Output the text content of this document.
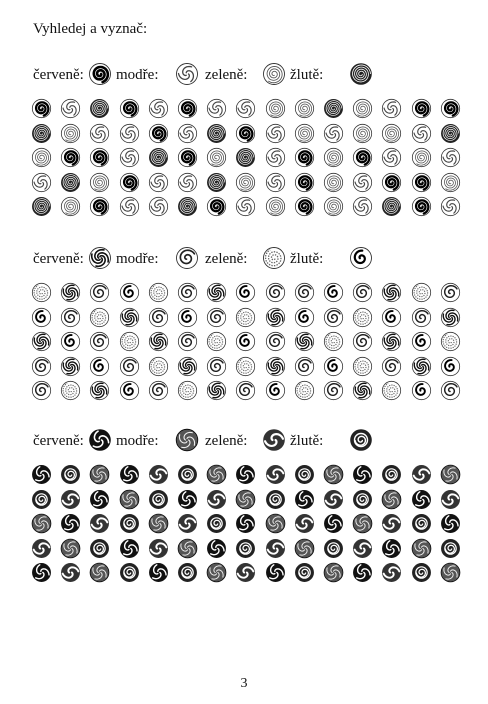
Vyhledej a vyznač:
červeně: modře:	zeleně:	žlutě:
červeně: modře:	zeleně:	žlutě:
červeně: modře:	zeleně:	žlutě:
3
